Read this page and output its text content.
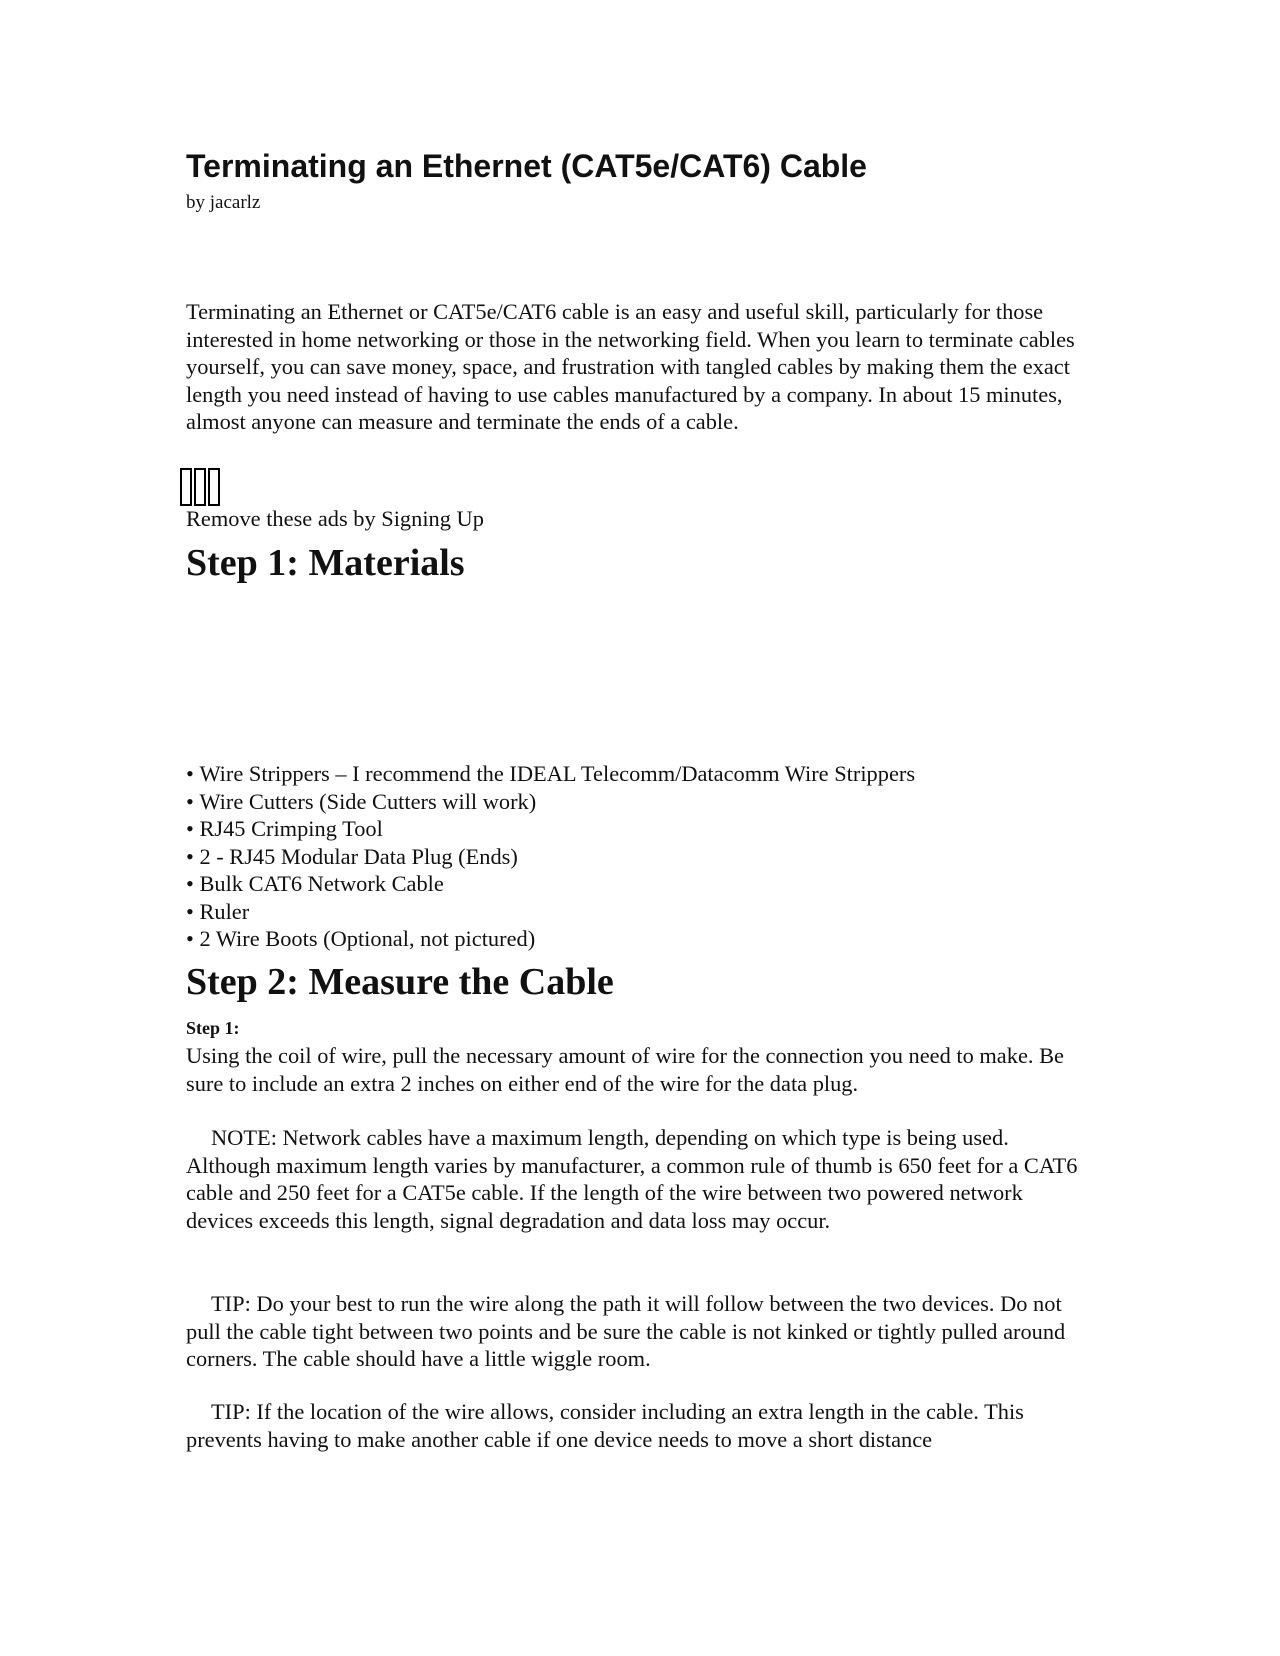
Terminating an Ethernet (CAT5e/CAT6) Cable
by jacarlz

Terminating an Ethernet or CAT5e/CAT6 cable is an easy and useful skill, particularly for those interested in home networking or those in the networking field. When you learn to terminate cables yourself, you can save money, space, and frustration with tangled cables by making them the exact length you need instead of having to use cables manufactured by a company. In about 15 minutes, almost anyone can measure and terminate the ends of a cable.

Remove these ads by Signing Up
Step 1: Materials
• Wire Strippers – I recommend the IDEAL Telecomm/Datacomm Wire Strippers
• Wire Cutters (Side Cutters will work)
• RJ45 Crimping Tool
• 2 - RJ45 Modular Data Plug (Ends)
• Bulk CAT6 Network Cable
• Ruler
• 2 Wire Boots (Optional, not pictured)
Step 2: Measure the Cable
Step 1:

Using the coil of wire, pull the necessary amount of wire for the connection you need to make. Be sure to include an extra 2 inches on either end of the wire for the data plug.

NOTE: Network cables have a maximum length, depending on which type is being used. Although maximum length varies by manufacturer, a common rule of thumb is 650 feet for a CAT6 cable and 250 feet for a CAT5e cable. If the length of the wire between two powered network devices exceeds this length, signal degradation and data loss may occur.

TIP: Do your best to run the wire along the path it will follow between the two devices. Do not pull the cable tight between two points and be sure the cable is not kinked or tightly pulled around corners. The cable should have a little wiggle room.

TIP: If the location of the wire allows, consider including an extra length in the cable. This prevents having to make another cable if one device needs to move a short distance
